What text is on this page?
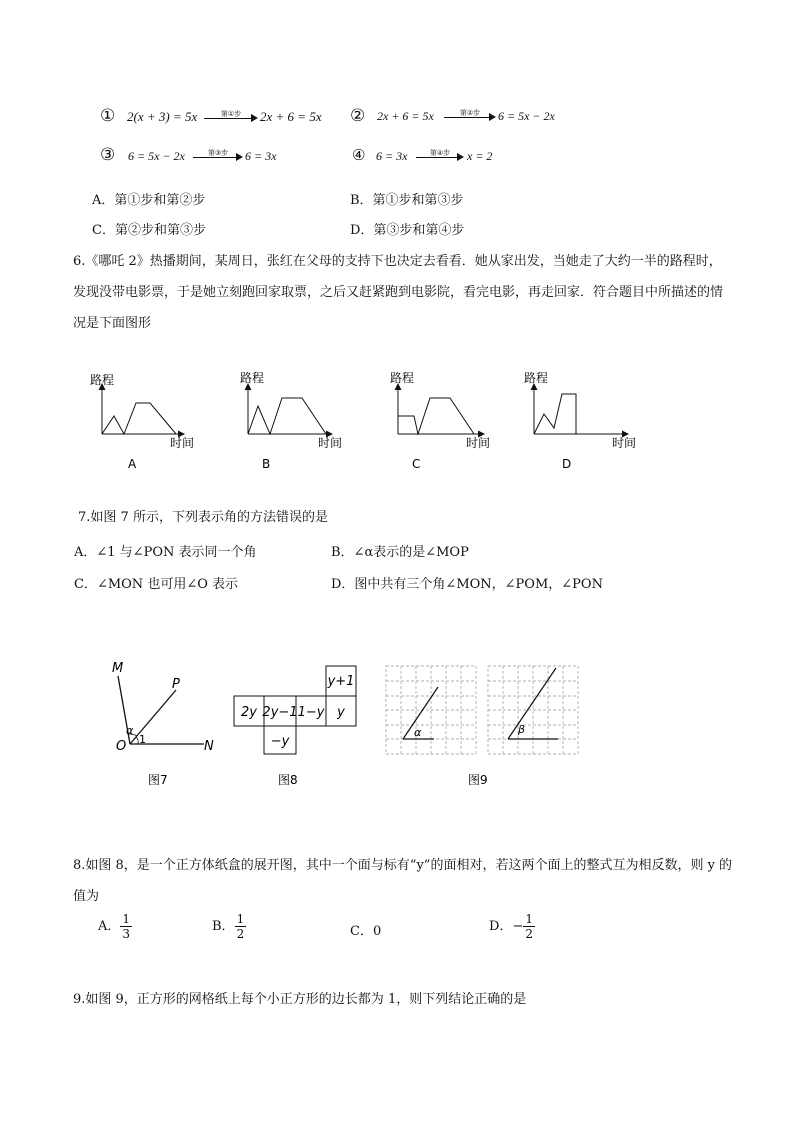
① 2(x + 3) = 5x	第①步	2x + 6 = 5x ② 2x + 6 = 5x	第②步	6 = 5x − 2x
③ 6 = 5x − 2x	第③步	6 = 3x	④ 6 = 3x	第④步	x = 2
A．第①步和第②步	B．第①步和第③步
C．第②步和第③步	D．第③步和第④步
6.《哪吒 2》热播期间，某周日，张红在父母的支持下也决定去看看．她从家出发，当她走了大约一半的路程时，发现没带电影票，于是她立刻跑回家取票，之后又赶紧跑到电影院，看完电影，再走回家．符合题目中所描述的情况是下面图形
路程
时间
A
路程
时间
B
路程
时间
C
路程
时间
D
7.如图 7 所示，下列表示角的方法错误的是
A．∠1 与∠PON 表示同一个角	B．∠α表示的是∠MOP
C．∠MON 也可用∠O 表示	D．图中共有三个角∠MON，∠POM，∠PON
M
P
O	N
α
1
图7
y+1
2y 2y−1 1−y y
−y
图8
α	β
图9
8.如图 8，是一个正方体纸盒的展开图，其中一个面与标有“y”的面相对，若这两个面上的整式互为相反数，则 y 的值为
A． $\frac{1}{3}$	B． $\frac{1}{2}$	C．0	D．− $\frac{1}{2}$
9.如图 9，正方形的网格纸上每个小正方形的边长都为 1，则下列结论正确的是
